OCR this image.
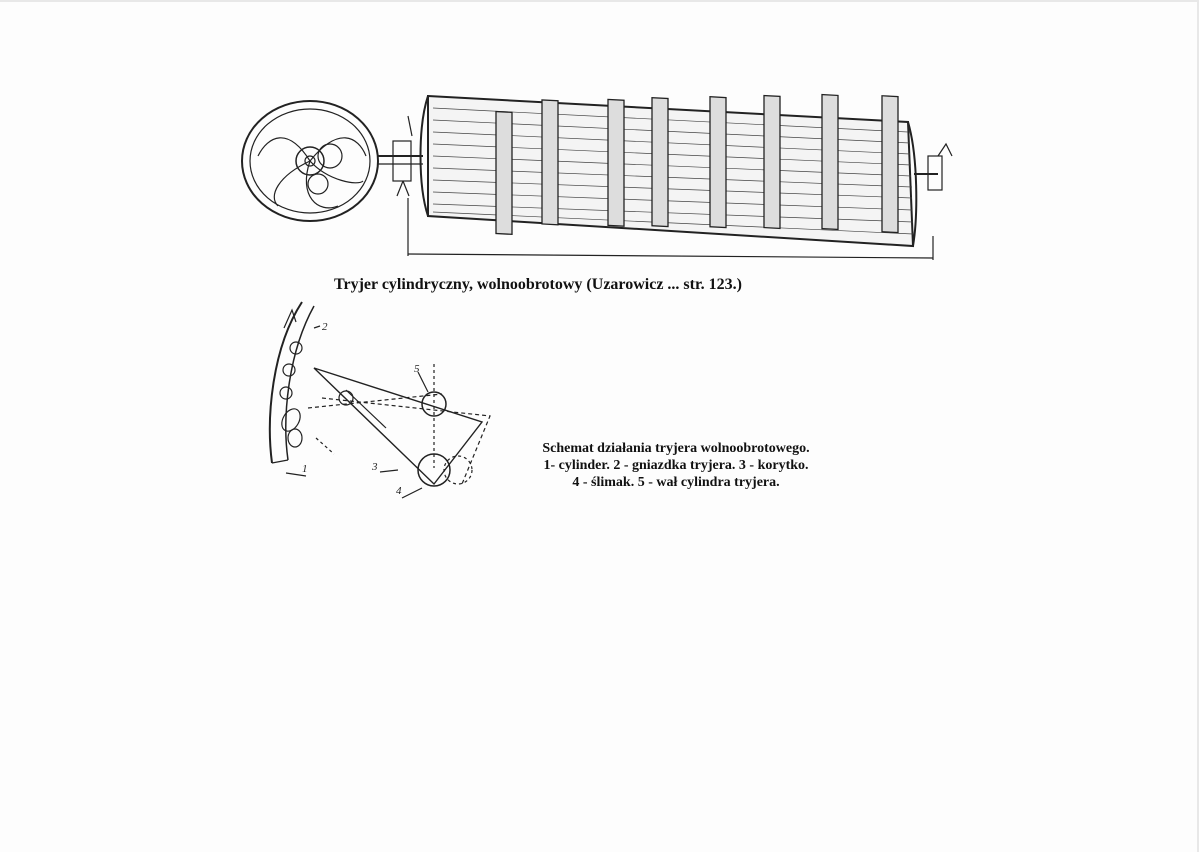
Tryjer cylindryczny, wolnoobrotowy (Uzarowicz ... str. 123.)
2
1	3
4
5
Schemat działania tryjera wolnoobrotowego.
1- cylinder. 2 - gniazdka tryjera. 3 - korytko.
4 - ślimak. 5 - wał cylindra tryjera.
